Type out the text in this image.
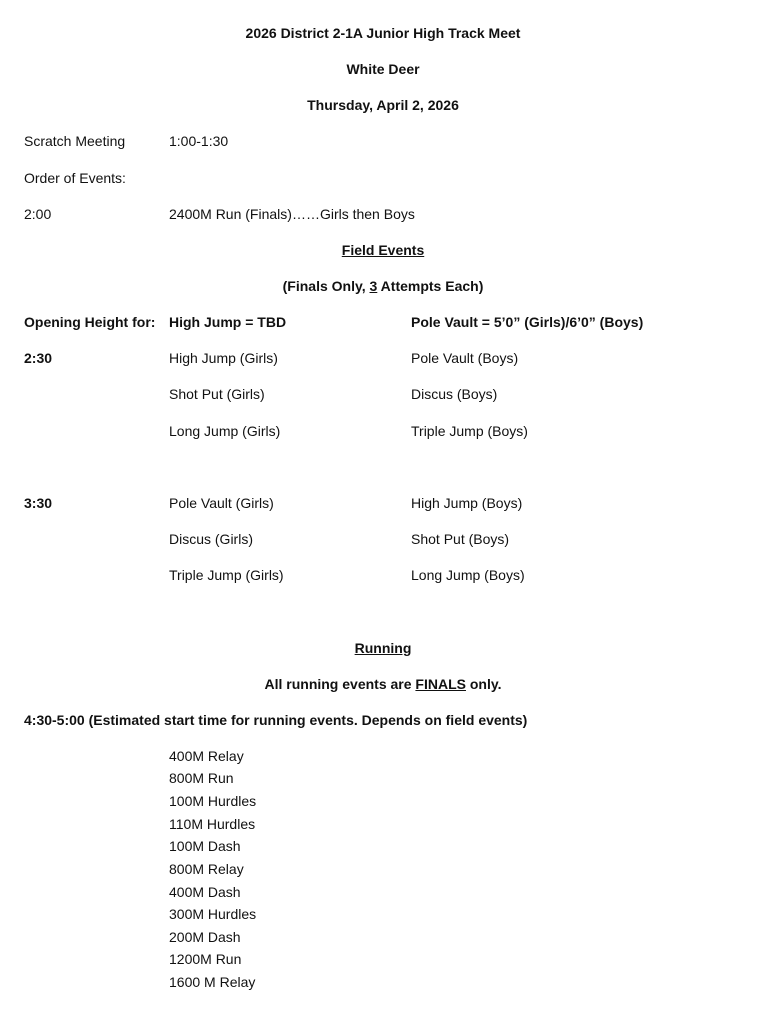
2026 District 2-1A Junior High Track Meet
White Deer
Thursday, April 2, 2026
Scratch Meeting	1:00-1:30
Order of Events:
2:00	2400M Run (Finals)……Girls then Boys
Field Events
(Finals Only, 3 Attempts Each)
Opening Height for: High Jump = TBD	Pole Vault = 5’0” (Girls)/6’0” (Boys)
2:30	High Jump (Girls)	Pole Vault (Boys)
Shot Put (Girls)	Discus (Boys)
Long Jump (Girls)	Triple Jump (Boys)
3:30	Pole Vault (Girls)	High Jump (Boys)
Discus (Girls)	Shot Put (Boys)
Triple Jump (Girls)	Long Jump (Boys)
Running
All running events are FINALS only.
4:30-5:00 (Estimated start time for running events. Depends on field events)
400M Relay
800M Run
100M Hurdles
110M Hurdles
100M Dash
800M Relay
400M Dash
300M Hurdles
200M Dash
1200M Run
1600 M Relay
